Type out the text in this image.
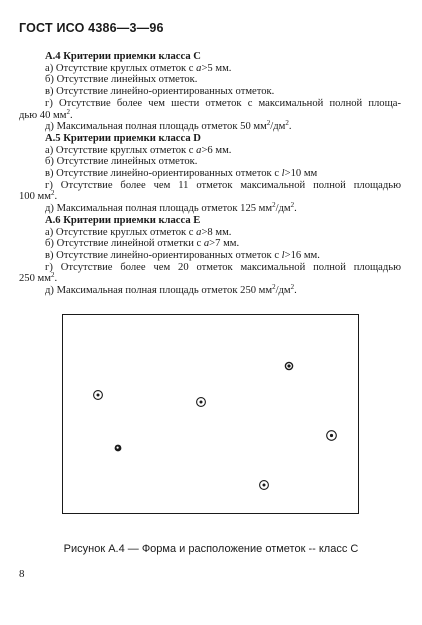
ГОСТ ИСО 4386—3—96
А.4 Критерии приемки класса С
а) Отсутствие круглых отметок с а>5 мм.
б) Отсутствие линейных отметок.
в) Отсутствие линейно-ориентированных отметок.
г) Отсутствие более чем шести отметок с максимальной полной площа-
дью 40 $мм^2$.
д) Максимальная полная площадь отметок 50 $мм^2/дм^2$.
А.5 Критерии приемки класса D
а) Отсутствие круглых отметок с а>6 мм.
б) Отсутствие линейных отметок.
в) Отсутствие линейно-ориентированных отметок с l>10 мм
г) Отсутствие более чем 11 отметок максимальной полной площадью
100 $мм^2$.
д) Максимальная полная площадь отметок 125 $мм^2/дм^2$.
А.6 Критерии приемки класса Е
а) Отсутствие круглых отметок с а>8 мм.
б) Отсутствие линейной отметки с а>7 мм.
в) Отсутствие линейно-ориентированных отметок с l>16 мм.
г) Отсутствие более чем 20 отметок максимальной полной площадью
250 $мм^2$.
д) Максимальная полная площадь отметок 250 $мм^2/дм^2$.
Рисунок А.4 — Форма и расположение отметок -- класс С
8
